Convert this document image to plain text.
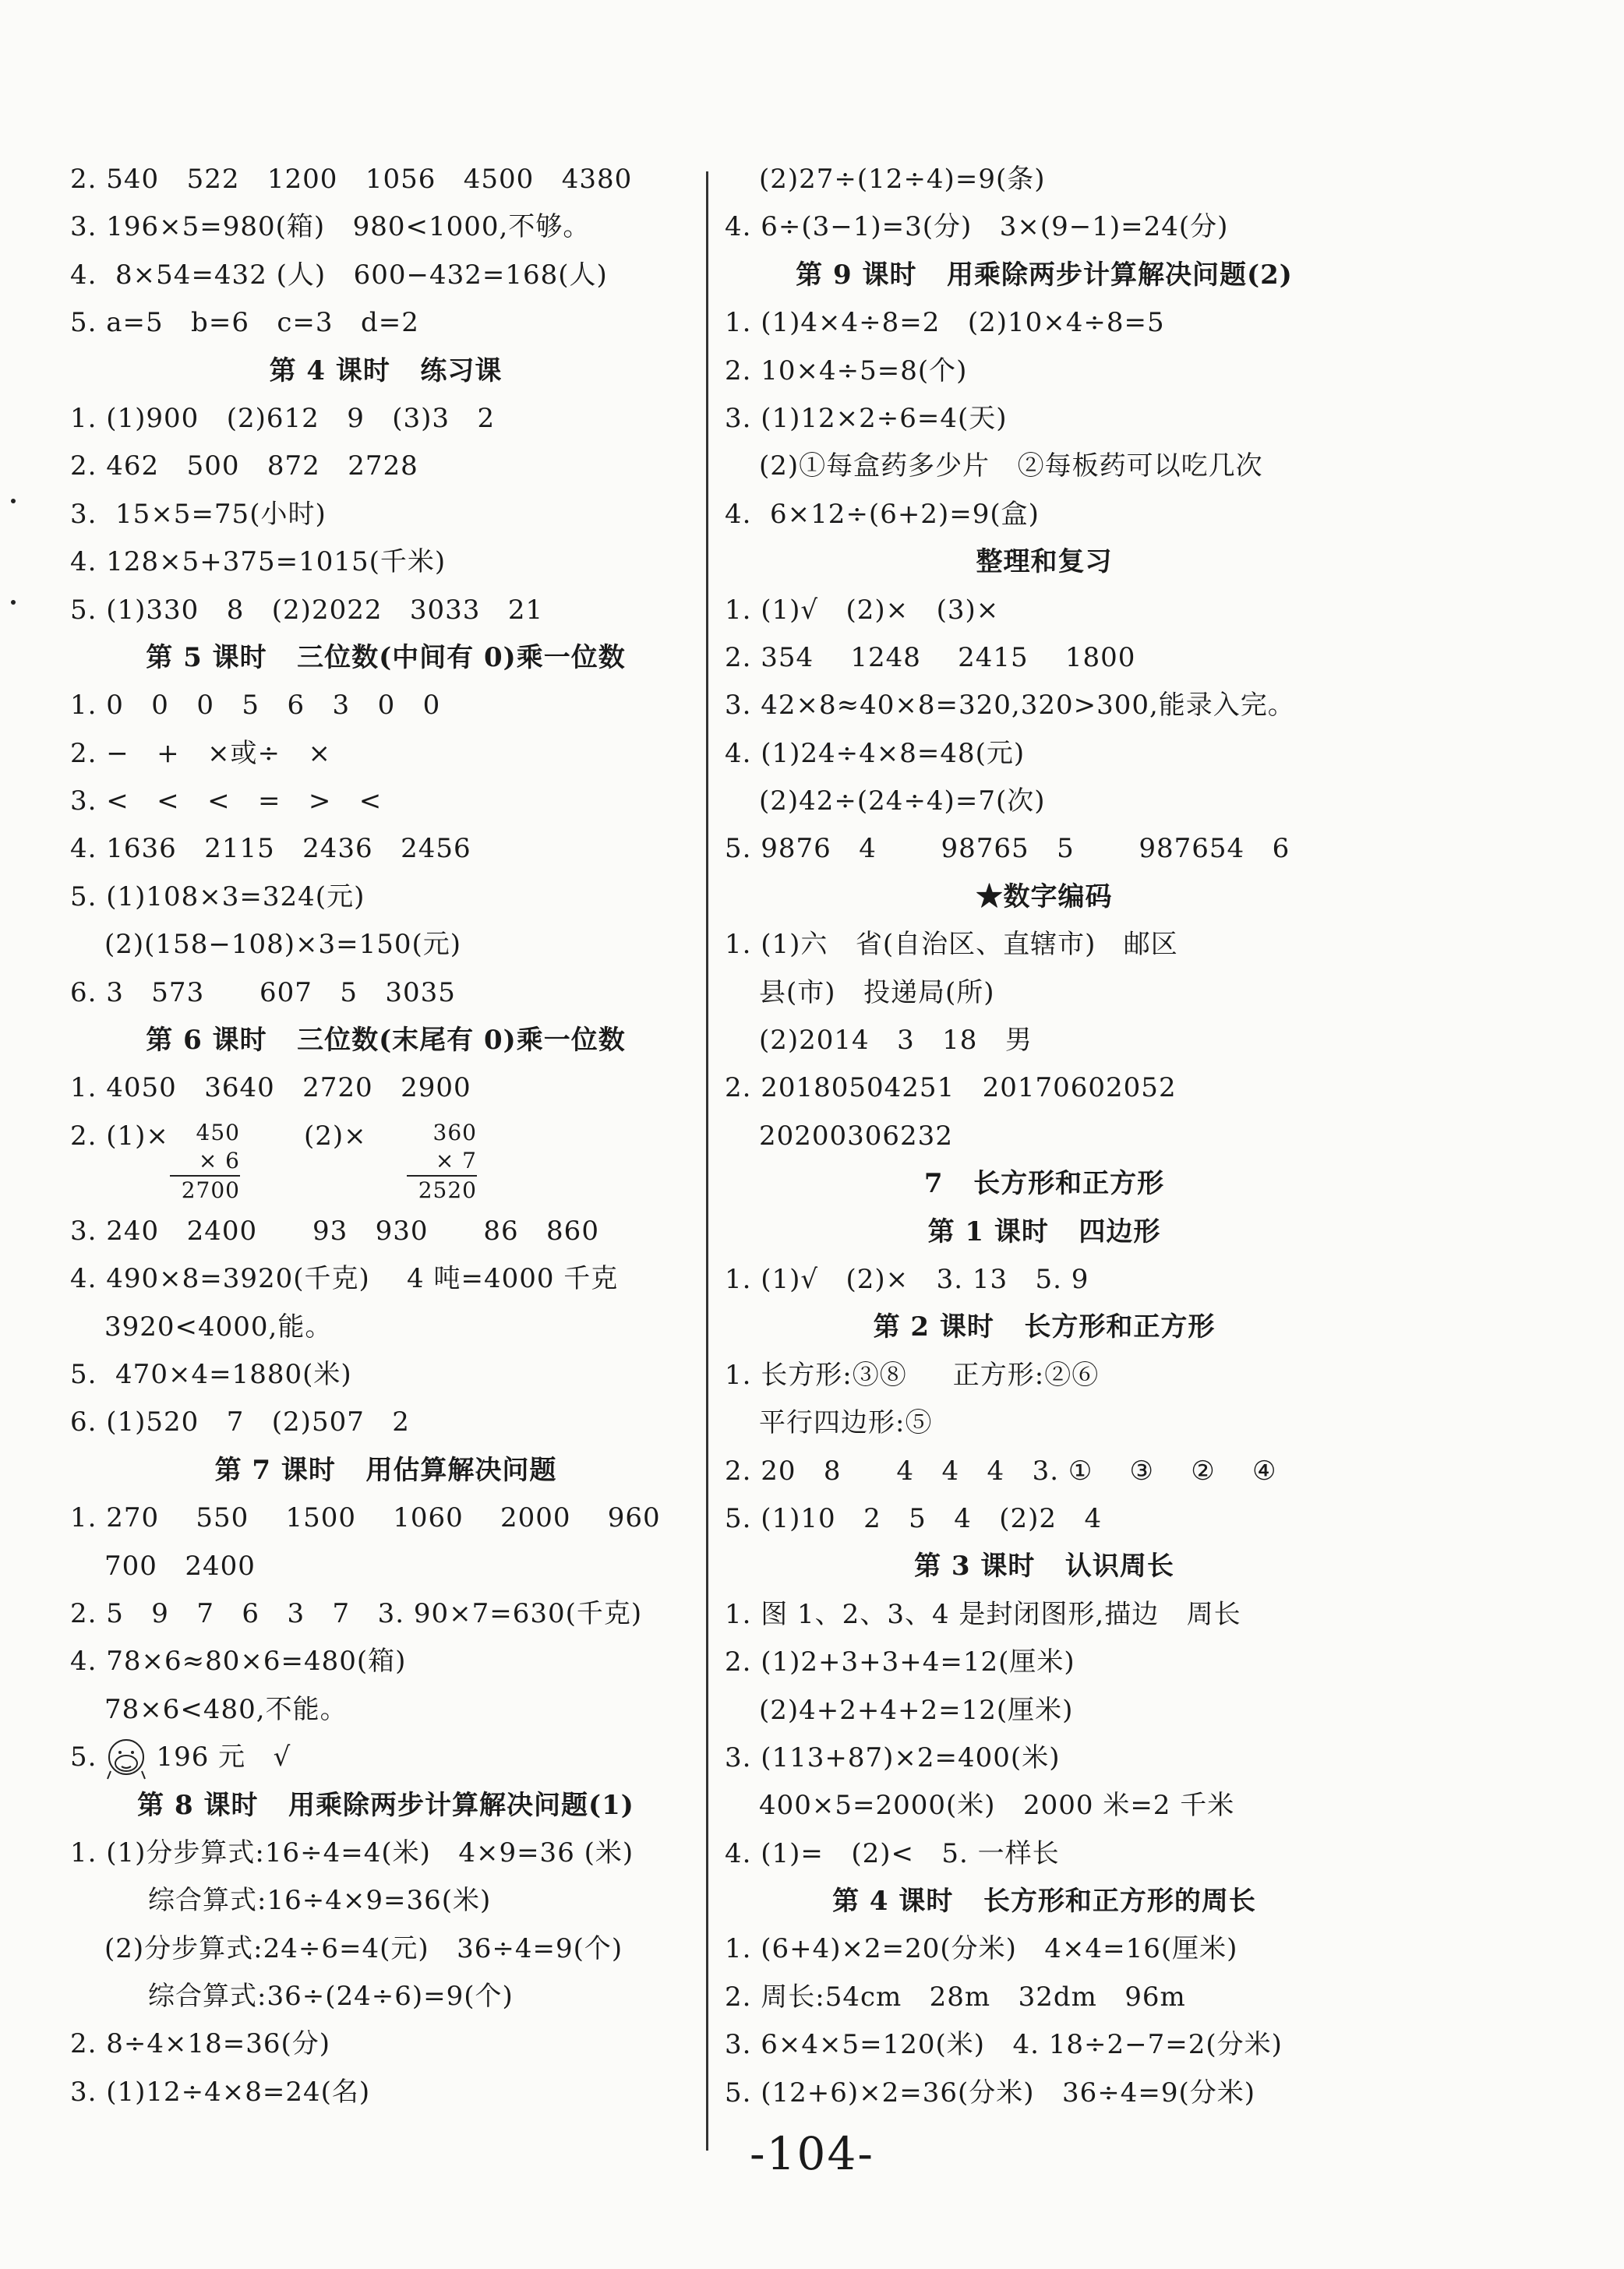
2. 540   522   1200   1056   4500   4380
3. 196×5=980(箱)   980<1000,不够。
4.  8×54=432 (人)   600−432=168(人)
5. a=5   b=6   c=3   d=2
第 4 课时   练习课
1. (1)900   (2)612   9   (3)3   2
2. 462   500   872   2728
3.  15×5=75(小时)
4. 128×5+375=1015(千米)
5. (1)330   8   (2)2022   3033   21
第 5 课时   三位数(中间有 0)乘一位数
1. 0   0   0   5   6   3   0   0
2. −   +   ×或÷   ×
3. <   <   <   =   >   <
4. 1636   2115   2436   2456
5. (1)108×3=324(元)
(2)(158−108)×3=150(元)
6. 3   573      607   5   3035
第 6 课时   三位数(末尾有 0)乘一位数
1. 4050   3640   2720   2900
2. (1)×	450
× 6
2700
(2)×	360
× 7
2520
3. 240   2400      93   930      86   860
4. 490×8=3920(千克)    4 吨=4000 千克
3920<4000,能。
5.  470×4=1880(米)
6. (1)520   7   (2)507   2
第 7 课时   用估算解决问题
1. 270    550    1500    1060    2000    960
700   2400
2. 5   9   7   6   3   7   3. 90×7=630(千克)
4. 78×6≈80×6=480(箱)
78×6<480,不能。
5. 196 元   √
第 8 课时   用乘除两步计算解决问题(1)
1. (1)分步算式:16÷4=4(米)   4×9=36 (米)
综合算式:16÷4×9=36(米)
(2)分步算式:24÷6=4(元)   36÷4=9(个)
综合算式:36÷(24÷6)=9(个)
2. 8÷4×18=36(分)
3. (1)12÷4×8=24(名)
(2)27÷(12÷4)=9(条)
4. 6÷(3−1)=3(分)   3×(9−1)=24(分)
第 9 课时   用乘除两步计算解决问题(2)
1. (1)4×4÷8=2   (2)10×4÷8=5
2. 10×4÷5=8(个)
3. (1)12×2÷6=4(天)
(2)①每盒药多少片   ②每板药可以吃几次
4.  6×12÷(6+2)=9(盒)
整理和复习
1. (1)√   (2)×   (3)×
2. 354    1248    2415    1800
3. 42×8≈40×8=320,320>300,能录入完。
4. (1)24÷4×8=48(元)
(2)42÷(24÷4)=7(次)
5. 9876   4       98765   5       987654   6
★数字编码
1. (1)六   省(自治区、直辖市)   邮区
县(市)   投递局(所)
(2)2014   3   18   男
2. 20180504251   20170602052
20200306232
7   长方形和正方形
第 1 课时   四边形
1. (1)√   (2)×   3. 13   5. 9
第 2 课时   长方形和正方形
1. 长方形:③⑧     正方形:②⑥
平行四边形:⑤
2. 20   8      4   4   4   3. ①    ③    ②    ④
5. (1)10   2   5   4   (2)2   4
第 3 课时   认识周长
1. 图 1、2、3、4 是封闭图形,描边   周长
2. (1)2+3+3+4=12(厘米)
(2)4+2+4+2=12(厘米)
3. (113+87)×2=400(米)
400×5=2000(米)   2000 米=2 千米
4. (1)=   (2)<   5. 一样长
第 4 课时   长方形和正方形的周长
1. (6+4)×2=20(分米)   4×4=16(厘米)
2. 周长:54cm   28m   32dm   96m
3. 6×4×5=120(米)   4. 18÷2−7=2(分米)
5. (12+6)×2=36(分米)   36÷4=9(分米)
-104-
